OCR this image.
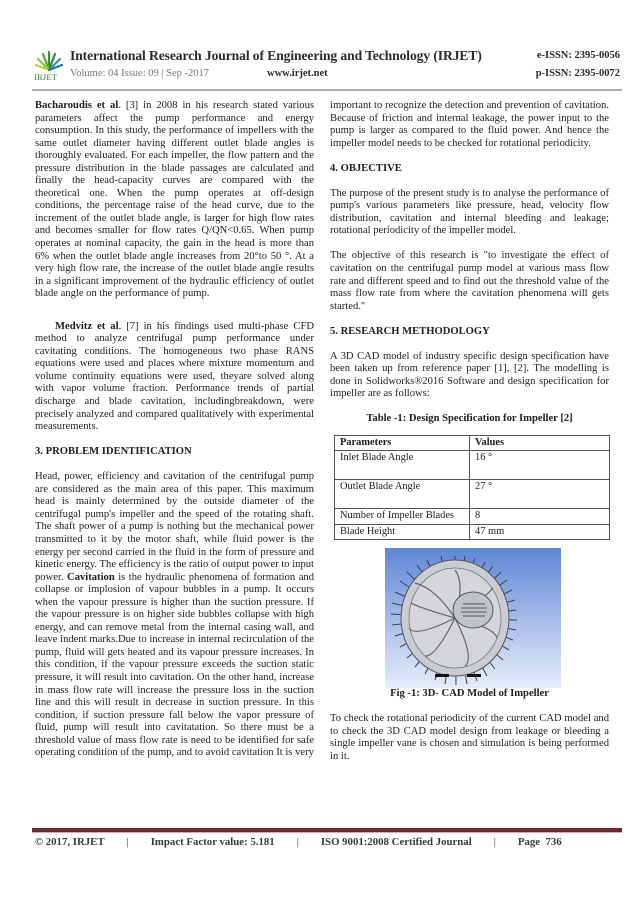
IRJET
International Research Journal of Engineering and Technology (IRJET)	e-ISSN: 2395-0056
Volume: 04 Issue: 09 | Sep -2017	www.irjet.net	p-ISSN: 2395-0072

Bacharoudis et al. [3] in 2008 in his research stated various parameters affect the pump performance and energy consumption. In this study, the performance of impellers with the same outlet diameter having different outlet blade angles is thoroughly evaluated. For each impeller, the flow pattern and the pressure distribution in the blade passages are calculated and finally the head-capacity curves are compared with the theoretical one. When the pump operates at off-design conditions, the percentage raise of the head curve, due to the increment of the outlet blade angle, is larger for high flow rates and becomes smaller for flow rates Q/QN<0.65. When pump operates at nominal capacity, the gain in the head is more than 6% when the outlet blade angle increases from 20°to 50 °. At a very high flow rate, the increase of the outlet blade angle results in a significant improvement of the hydraulic efficiency of outlet blade angle on the performance of pump.

Medvitz et al. [7] in his findings used multi-phase CFD method to analyze centrifugal pump performance under cavitating conditions. The homogeneous two phase RANS equations were used and places where mixture momentum and volume continuity equations were used, theyare solved along with vapor volume fraction. Performance trends of partial discharge and blade cavitation, includingbreakdown, were precisely analyzed and compared qualitatively with experimental measurements.

3. PROBLEM IDENTIFICATION

Head, power, efficiency and cavitation of the centrifugal pump are considered as the main area of this paper. This maximum head is mainly determined by the outside diameter of the centrifugal pump's impeller and the speed of the rotating shaft. The shaft power of a pump is nothing but the mechanical power transmitted to it by the motor shaft, while fluid power is the energy per second carried in the fluid in the form of pressure and kinetic energy. The efficiency is the ratio of output power to input power. Cavitation is the hydraulic phenomena of formation and collapse or implosion of vapour bubbles in a pump. It occurs when the vapour pressure is higher than the suction pressure. If the vapour pressure is on higher side bubbles collapse with high energy, and can remove metal from the internal casing wall, and leave indent marks.Due to increase in internal recirculation of the pump, fluid will gets heated and its vapour pressure increases. In this condition, if the vapour pressure exceeds the suction static pressure, it will result into cavitation. On the other hand, increase in mass flow rate will increase the pressure loss in the suction line and this will result in decrease in suction pressure. In this condition, if suction pressure fall below the vapor pressure of fluid, pump will result into cavitatation. So there must be a threshold value of mass flow rate is need to be identified for safe operating condition of the pump, and to avoid cavitation It is very

important to recognize the detection and prevention of cavitation. Because of friction and internal leakage, the power input to the pump is larger as compared to the fluid power. And hence the impeller model needs to be checked for rotational periodicity.

4. OBJECTIVE

The purpose of the present study is to analyse the performance of pump's various parameters like pressure, head, velocity flow distribution, cavitation and internal bleeding and leakage; rotational periodicity of the impeller model.

The objective of this research is "to investigate the effect of cavitation on the centrifugal pump model at various mass flow rate and different speed and to find out the threshold value of the mass flow rate from where the cavitation phenomena will gets started."

5. RESEARCH METHODOLOGY

A 3D CAD model of industry specific design specification have been taken up from reference paper [1], [2]. The modelling is done in Solidworks®2016 Software and design specification for impeller are as follows:

Table -1: Design Specification for Impeller [2]

Parameters	Values
Inlet Blade Angle	16 °
Outlet Blade Angle	27 °
Number of Impeller Blades	8
Blade Height	47 mm

Fig -1: 3D- CAD Model of Impeller

To check the rotational periodicity of the current CAD model and to check the 3D CAD model design from leakage or bleeding a single impeller vane is chosen and simulation is being performed in it.

© 2017, IRJET | Impact Factor value: 5.181 | ISO 9001:2008 Certified Journal | Page  736
